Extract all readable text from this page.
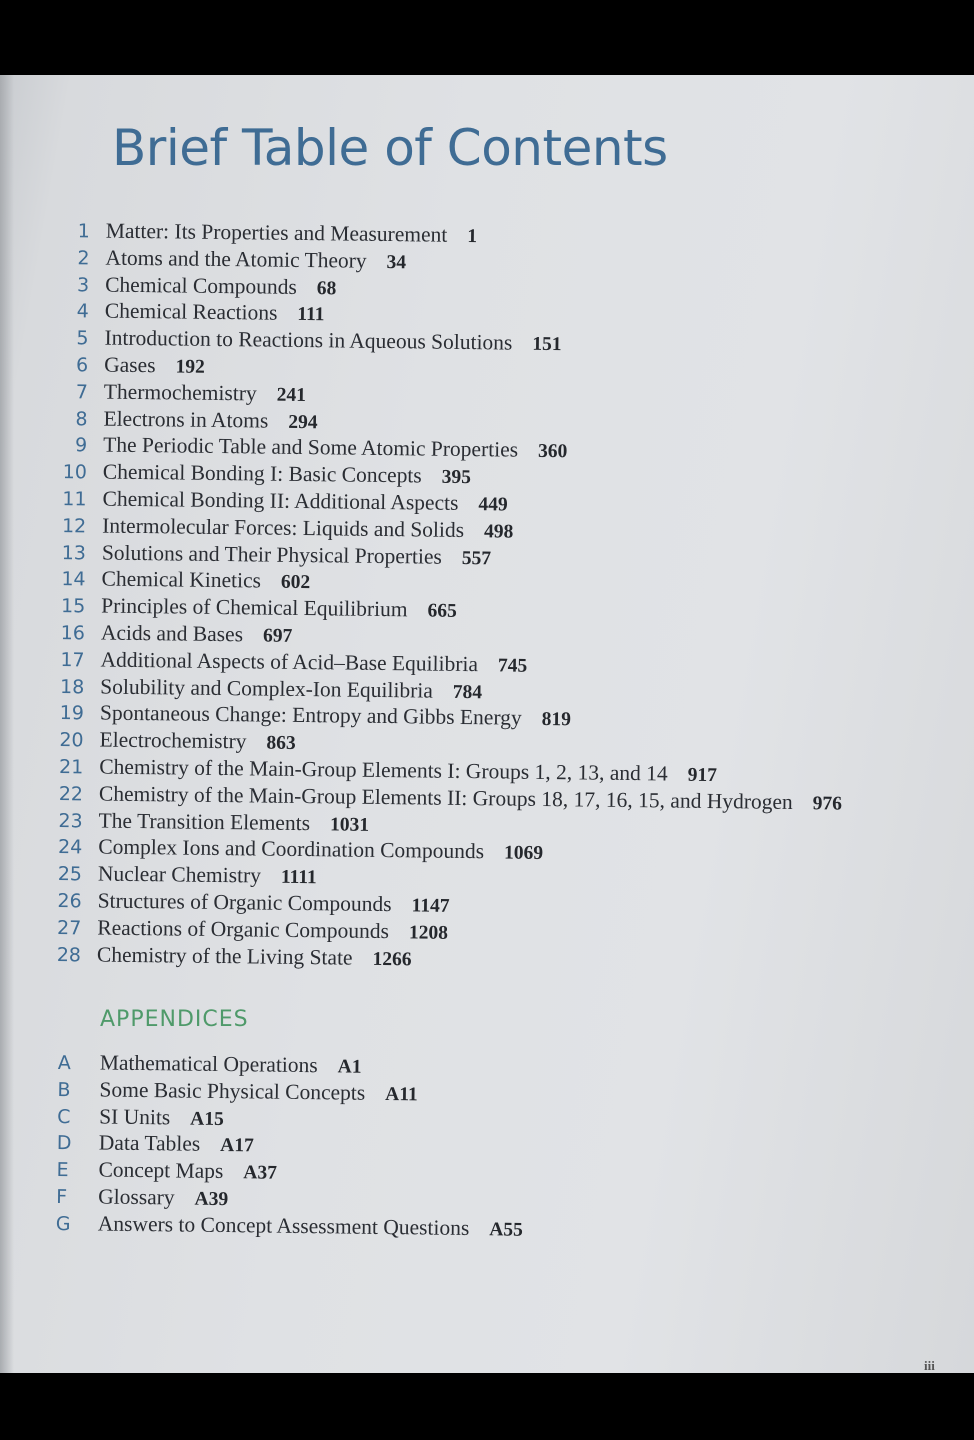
Brief Table of Contents
1 Matter: Its Properties and Measurement 1
2 Atoms and the Atomic Theory 34
3 Chemical Compounds 68
4 Chemical Reactions 111
5 Introduction to Reactions in Aqueous Solutions 151
6 Gases 192
7 Thermochemistry 241
8 Electrons in Atoms 294
9 The Periodic Table and Some Atomic Properties 360
10 Chemical Bonding I: Basic Concepts 395
11 Chemical Bonding II: Additional Aspects 449
12 Intermolecular Forces: Liquids and Solids 498
13 Solutions and Their Physical Properties 557
14 Chemical Kinetics 602
15 Principles of Chemical Equilibrium 665
16 Acids and Bases 697
17 Additional Aspects of Acid–Base Equilibria 745
18 Solubility and Complex-Ion Equilibria 784
19 Spontaneous Change: Entropy and Gibbs Energy 819
20 Electrochemistry 863
21 Chemistry of the Main-Group Elements I: Groups 1, 2, 13, and 14 917
22 Chemistry of the Main-Group Elements II: Groups 18, 17, 16, 15, and Hydrogen 976
23 The Transition Elements 1031
24 Complex Ions and Coordination Compounds 1069
25 Nuclear Chemistry 1111
26 Structures of Organic Compounds 1147
27 Reactions of Organic Compounds 1208
28 Chemistry of the Living State 1266
APPENDICES
A Mathematical Operations A1
B Some Basic Physical Concepts A11
C SI Units A15
D Data Tables A17
E Concept Maps A37
F Glossary A39
G Answers to Concept Assessment Questions A55
iii
